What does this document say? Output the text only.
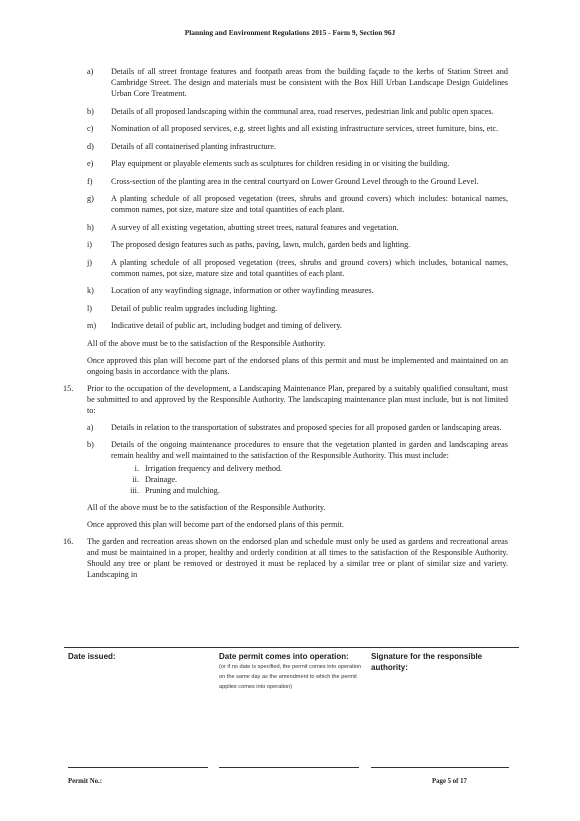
Planning and Environment Regulations 2015 - Form 9, Section 96J
a) Details of all street frontage features and footpath areas from the building façade to the kerbs of Station Street and Cambridge Street. The design and materials must be consistent with the Box Hill Urban Landscape Design Guidelines Urban Core Treatment.
b) Details of all proposed landscaping within the communal area, road reserves, pedestrian link and public open spaces.
c) Nomination of all proposed services, e.g. street lights and all existing infrastructure services, street furniture, bins, etc.
d) Details of all containerised planting infrastructure.
e) Play equipment or playable elements such as sculptures for children residing in or visiting the building.
f) Cross-section of the planting area in the central courtyard on Lower Ground Level through to the Ground Level.
g) A planting schedule of all proposed vegetation (trees, shrubs and ground covers) which includes: botanical names, common names, pot size, mature size and total quantities of each plant.
h) A survey of all existing vegetation, abutting street trees, natural features and vegetation.
i) The proposed design features such as paths, paving, lawn, mulch, garden beds and lighting.
j) A planting schedule of all proposed vegetation (trees, shrubs and ground covers) which includes, botanical names, common names, pot size, mature size and total quantities of each plant.
k) Location of any wayfinding signage, information or other wayfinding measures.
l) Detail of public realm upgrades including lighting.
m) Indicative detail of public art, including budget and timing of delivery.
All of the above must be to the satisfaction of the Responsible Authority.
Once approved this plan will become part of the endorsed plans of this permit and must be implemented and maintained on an ongoing basis in accordance with the plans.
15. Prior to the occupation of the development, a Landscaping Maintenance Plan, prepared by a suitably qualified consultant, must be submitted to and approved by the Responsible Authority. The landscaping maintenance plan must include, but is not limited to:
a) Details in relation to the transportation of substrates and proposed species for all proposed garden or landscaping areas.
b) Details of the ongoing maintenance procedures to ensure that the vegetation planted in garden and landscaping areas remain healthy and well maintained to the satisfaction of the Responsible Authority. This must include:
i. Irrigation frequency and delivery method.
ii. Drainage.
iii. Pruning and mulching.
All of the above must be to the satisfaction of the Responsible Authority.
Once approved this plan will become part of the endorsed plans of this permit.
16. The garden and recreation areas shown on the endorsed plan and schedule must only be used as gardens and recreational areas and must be maintained in a proper, healthy and orderly condition at all times to the satisfaction of the Responsible Authority. Should any tree or plant be removed or destroyed it must be replaced by a similar tree or plant of similar size and variety. Landscaping in
Date issued:	Date permit comes into operation:
(or if no date is specified, the permit comes into operation on the same day as the amendment to which the permit applies comes into operation)
Signature for the responsible authority:
Permit No.:	Page 5 of 17
